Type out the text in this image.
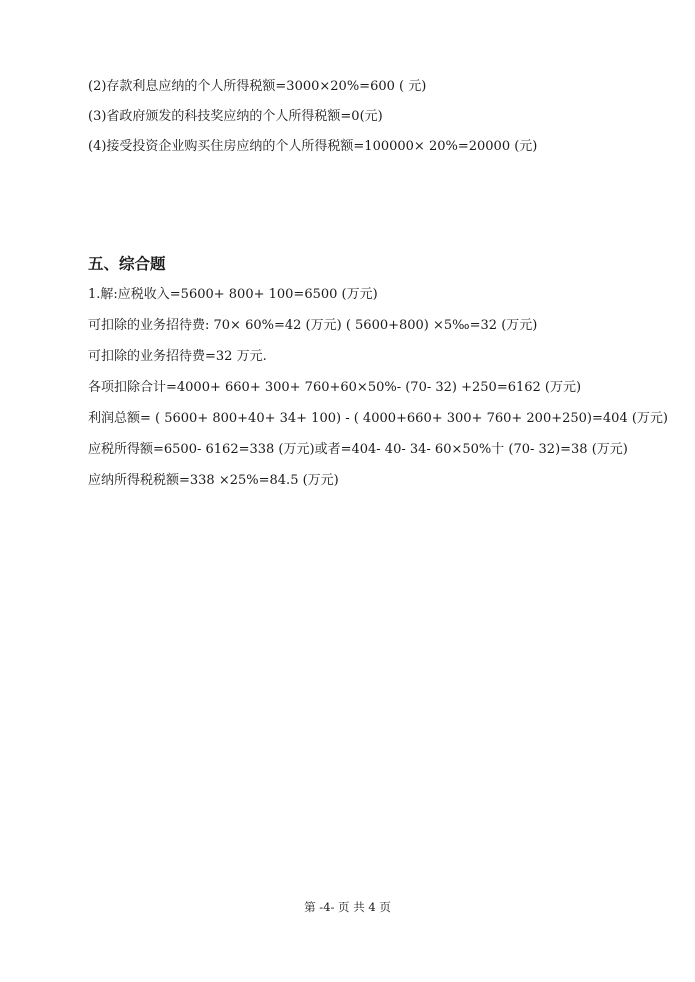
(2)存款利息应纳的个人所得税额=3000×20%=600 ( 元)
(3)省政府颁发的科技奖应纳的个人所得税额=0(元)
(4)接受投资企业购买住房应纳的个人所得税额=100000× 20%=20000 (元)
五、综合题
1.解:应税收入=5600+ 800+ 100=6500 (万元)
可扣除的业务招待费: 70× 60%=42 (万元) ( 5600+800) ×5‰=32 (万元)
可扣除的业务招待费=32 万元.
各项扣除合计=4000+ 660+ 300+ 760+60×50%- (70- 32) +250=6162 (万元)
利润总额= ( 5600+ 800+40+ 34+ 100) - ( 4000+660+ 300+ 760+ 200+250)=404 (万元)
应税所得额=6500- 6162=338 (万元)或者=404- 40- 34- 60×50%十 (70- 32)=38 (万元)
应纳所得税税额=338 ×25%=84.5 (万元)
第 -4- 页 共 4 页
